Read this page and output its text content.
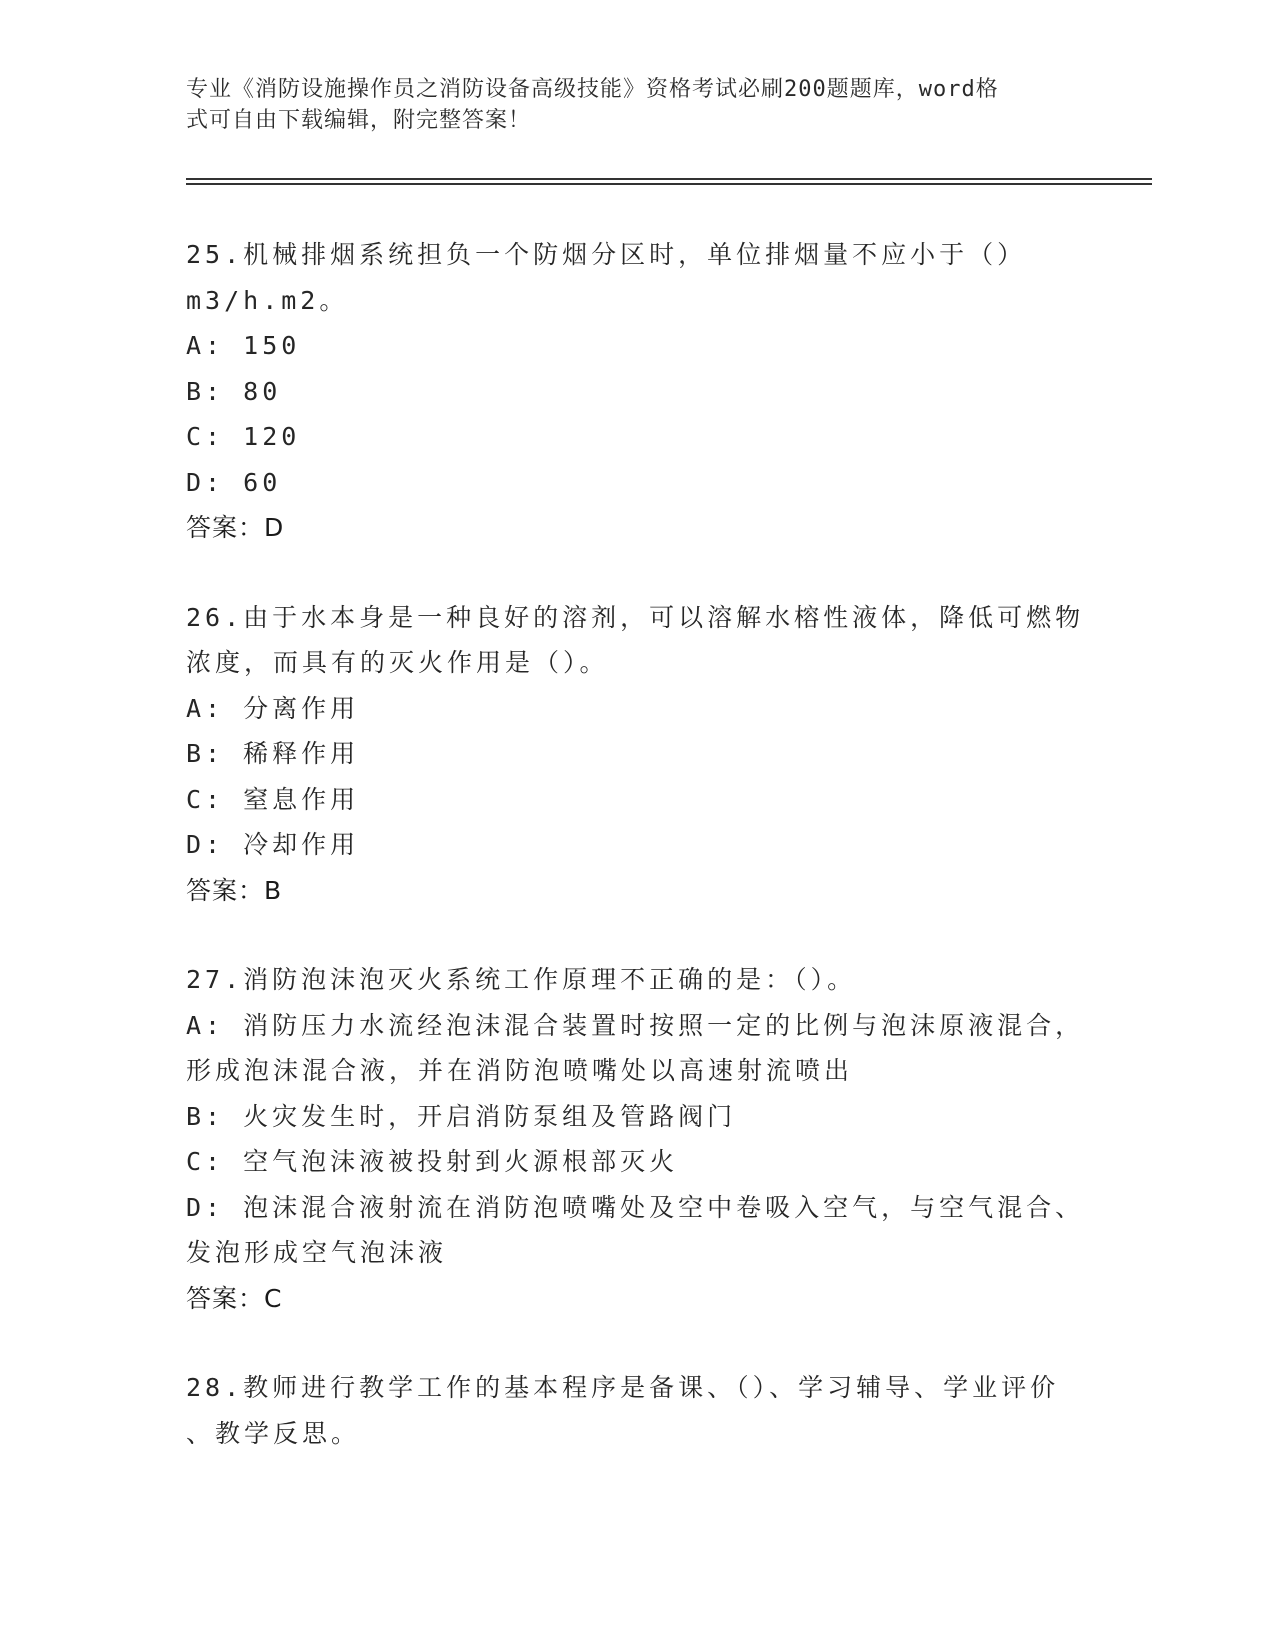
专业《消防设施操作员之消防设备高级技能》资格考试必刷200题题库，word格
式可自由下载编辑，附完整答案！
25.机械排烟系统担负一个防烟分区时，单位排烟量不应小于（）
m3/h.m2。
A: 150
B: 80
C: 120
D: 60
答案：D
26.由于水本身是一种良好的溶剂，可以溶解水榕性液体，降低可燃物
浓度，而具有的灭火作用是（）。
A: 分离作用
B: 稀释作用
C: 窒息作用
D: 冷却作用
答案：B
27.消防泡沫泡灭火系统工作原理不正确的是：（）。
A: 消防压力水流经泡沫混合装置时按照一定的比例与泡沫原液混合，
形成泡沫混合液，并在消防泡喷嘴处以高速射流喷出
B: 火灾发生时，开启消防泵组及管路阀门
C: 空气泡沫液被投射到火源根部灭火
D: 泡沫混合液射流在消防泡喷嘴处及空中卷吸入空气，与空气混合、
发泡形成空气泡沫液
答案：C
28.教师进行教学工作的基本程序是备课、（）、学习辅导、学业评价
、教学反思。
